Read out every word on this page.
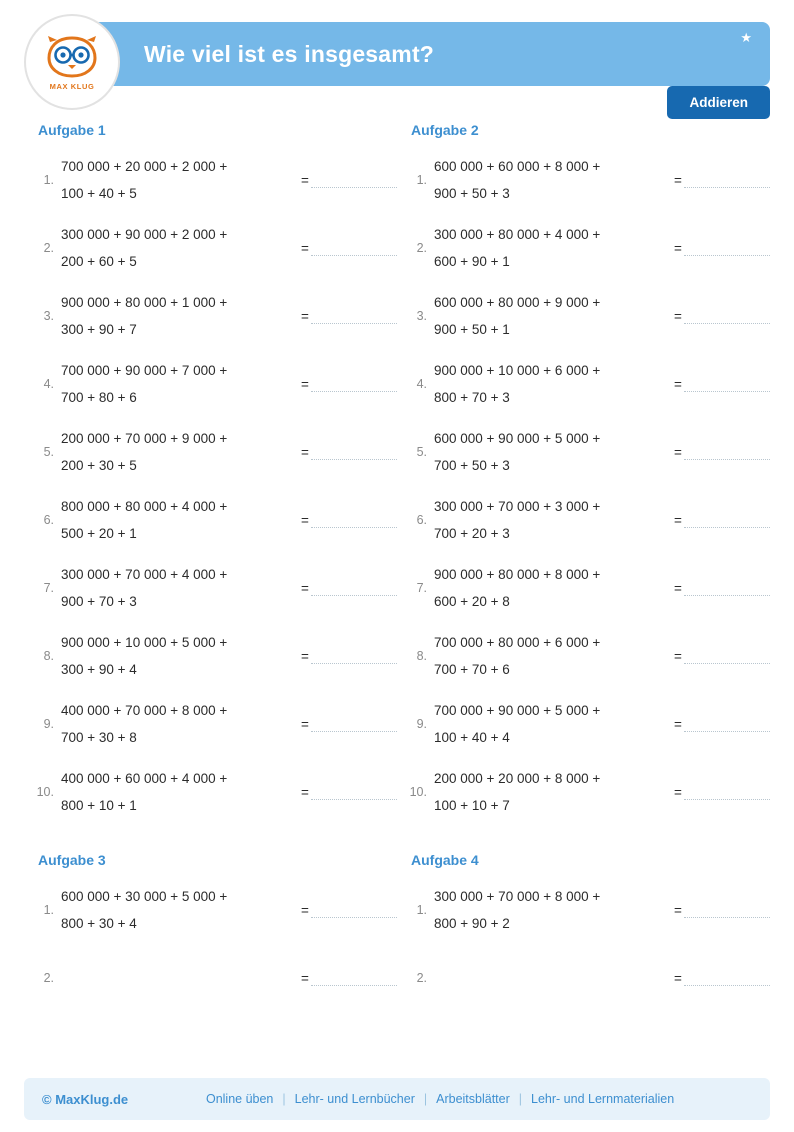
Wie viel ist es insgesamt?
★
MAX KLUG
Addieren
Aufgabe 1
1.
700 000 + 20 000 + 2 000 +
100 + 40 + 5
=
2.
300 000 + 90 000 + 2 000 +
200 + 60 + 5
=
3.
900 000 + 80 000 + 1 000 +
300 + 90 + 7
=
4.
700 000 + 90 000 + 7 000 +
700 + 80 + 6
=
5.
200 000 + 70 000 + 9 000 +
200 + 30 + 5
=
6.
800 000 + 80 000 + 4 000 +
500 + 20 + 1
=
7.
300 000 + 70 000 + 4 000 +
900 + 70 + 3
=
8.
900 000 + 10 000 + 5 000 +
300 + 90 + 4
=
9.
400 000 + 70 000 + 8 000 +
700 + 30 + 8
=
10.
400 000 + 60 000 + 4 000 +
800 + 10 + 1
=
Aufgabe 2
1.
600 000 + 60 000 + 8 000 +
900 + 50 + 3
=
2.
300 000 + 80 000 + 4 000 +
600 + 90 + 1
=
3.
600 000 + 80 000 + 9 000 +
900 + 50 + 1
=
4.
900 000 + 10 000 + 6 000 +
800 + 70 + 3
=
5.
600 000 + 90 000 + 5 000 +
700 + 50 + 3
=
6.
300 000 + 70 000 + 3 000 +
700 + 20 + 3
=
7.
900 000 + 80 000 + 8 000 +
600 + 20 + 8
=
8.
700 000 + 80 000 + 6 000 +
700 + 70 + 6
=
9.
700 000 + 90 000 + 5 000 +
100 + 40 + 4
=
10.
200 000 + 20 000 + 8 000 +
100 + 10 + 7
=
Aufgabe 3
1.
600 000 + 30 000 + 5 000 +
800 + 30 + 4
=
2.	=
Aufgabe 4
1.
300 000 + 70 000 + 8 000 +
800 + 90 + 2
=
2.	=
© MaxKlug.de	Online üben | Lehr- und Lernbücher | Arbeitsblätter | Lehr- und Lernmaterialien
